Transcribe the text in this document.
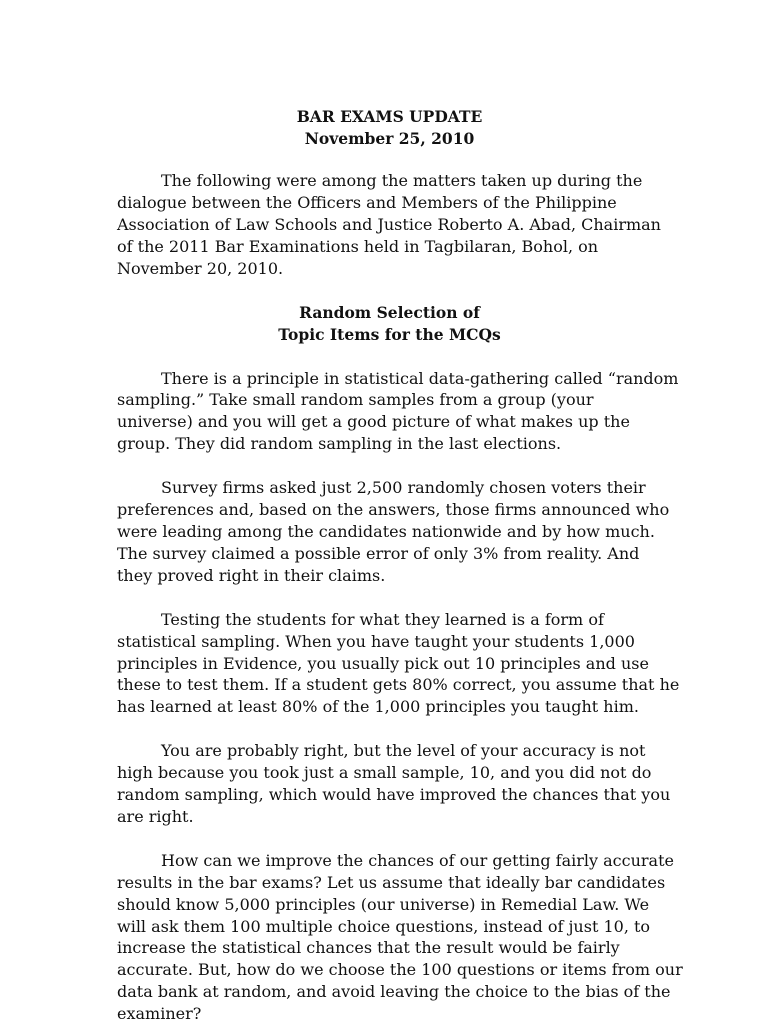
BAR EXAMS UPDATE

November 25, 2010

The following were among the matters taken up during the
dialogue between the Officers and Members of the Philippine
Association of Law Schools and Justice Roberto A. Abad, Chairman
of the 2011 Bar Examinations held in Tagbilaran, Bohol, on
November 20, 2010.

Random Selection of
Topic Items for the MCQs

There is a principle in statistical data-gathering called “random
sampling.” Take small random samples from a group (your
universe) and you will get a good picture of what makes up the
group. They did random sampling in the last elections.

Survey firms asked just 2,500 randomly chosen voters their
preferences and, based on the answers, those firms announced who
were leading among the candidates nationwide and by how much.
The survey claimed a possible error of only 3% from reality. And
they proved right in their claims.

Testing the students for what they learned is a form of
statistical sampling. When you have taught your students 1,000
principles in Evidence, you usually pick out 10 principles and use
these to test them. If a student gets 80% correct, you assume that he
has learned at least 80% of the 1,000 principles you taught him.

You are probably right, but the level of your accuracy is not
high because you took just a small sample, 10, and you did not do
random sampling, which would have improved the chances that you
are right.

How can we improve the chances of our getting fairly accurate
results in the bar exams? Let us assume that ideally bar candidates
should know 5,000 principles (our universe) in Remedial Law. We
will ask them 100 multiple choice questions, instead of just 10, to
increase the statistical chances that the result would be fairly
accurate. But, how do we choose the 100 questions or items from our
data bank at random, and avoid leaving the choice to the bias of the
examiner?
